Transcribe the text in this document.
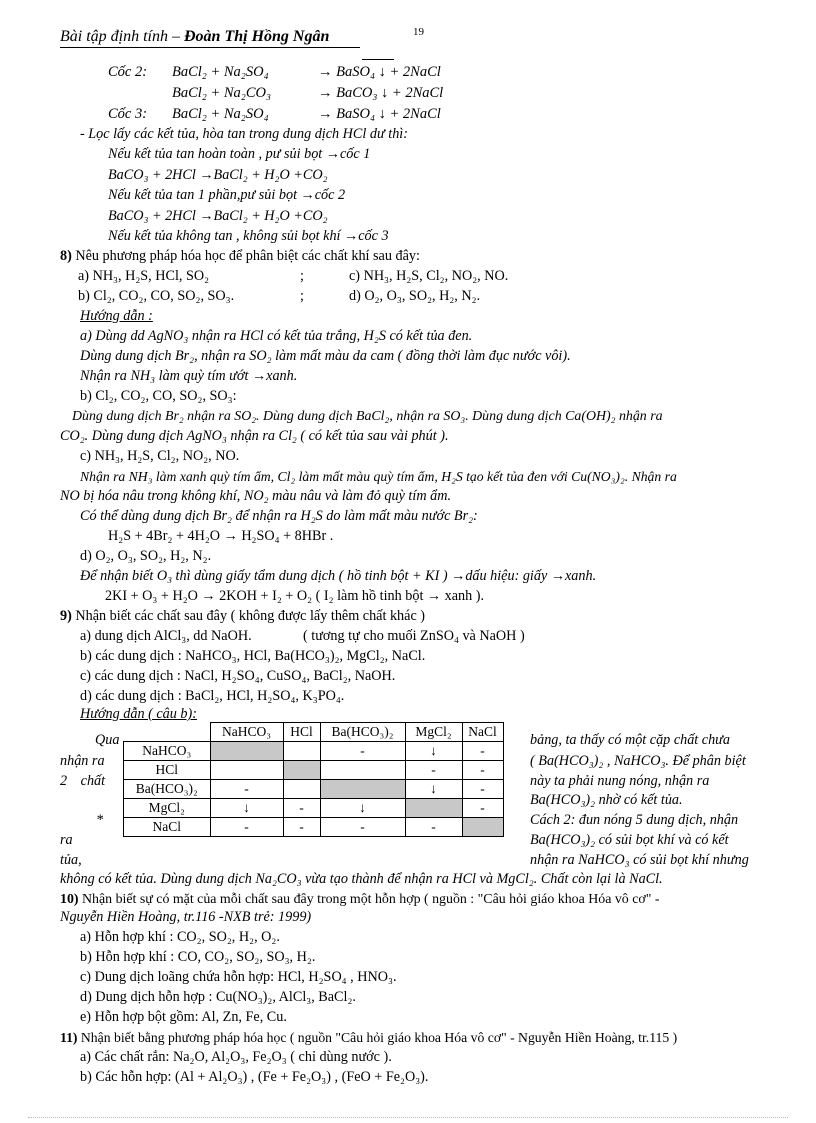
Bài tập định tính – Đoàn Thị Hồng Ngân	19
Cốc 2: BaCl₂ + Na₂SO₄	→ BaSO₄ ↓ + 2NaCl
BaCl₂ + Na₂CO₃	→ BaCO₃ ↓ + 2NaCl
Cốc 3: BaCl₂ + Na₂SO₄	→ BaSO₄ ↓ + 2NaCl
- Lọc lấy các kết tủa, hòa tan trong dung dịch HCl dư thì:
Nếu kết tủa tan hoàn toàn , pư sủi bọt →cốc 1
BaCO₃ + 2HCl →BaCl₂ + H₂O +CO₂
Nếu kết tủa tan 1 phần,pư sủi bọt →cốc 2
BaCO₃ + 2HCl →BaCl₂ + H₂O +CO₂
Nếu kết tủa không tan , không sủi bọt khí →cốc 3
8) Nêu phương pháp hóa học để phân biệt các chất khí sau đây:
a) NH₃, H₂S, HCl, SO₂	;	c) NH₃, H₂S, Cl₂, NO₂, NO.
b) Cl₂, CO₂, CO, SO₂, SO₃.	;	d) O₂, O₃, SO₂, H₂, N₂.
Hướng dẫn :
a) Dùng dd AgNO₃ nhận ra HCl có kết tủa trắng, H₂S có kết tủa đen.
Dùng dung dịch Br₂, nhận ra SO₂ làm mất màu da cam ( đồng thời làm đục nước vôi).
Nhận ra NH₃ làm quỳ tím ướt →xanh.
b) Cl₂, CO₂, CO, SO₂, SO₃:
Dùng dung dịch Br₂ nhận ra SO₂. Dùng dung dịch BaCl₂, nhận ra SO₃. Dùng dung dịch Ca(OH)₂ nhận ra
CO₂. Dùng dung dịch AgNO₃ nhận ra Cl₂ ( có kết tủa sau vài phút ).
c) NH₃, H₂S, Cl₂, NO₂, NO.
Nhận ra NH₃ làm xanh quỳ tím ẩm, Cl₂ làm mất màu quỳ tím ẩm, H₂S tạo kết tủa đen với Cu(NO₃)₂. Nhận ra
NO bị hóa nâu trong không khí, NO₂ màu nâu và làm đỏ quỳ tím ẩm.
Có thể dùng dung dịch Br₂ để nhận ra H₂S do làm mất màu nước Br₂:
H₂S + 4Br₂ + 4H₂O → H₂SO₄ + 8HBr .
d) O₂, O₃, SO₂, H₂, N₂.
Để nhận biết O₃ thì dùng giấy tẩm dung dịch ( hồ tinh bột + KI ) →dấu hiệu: giấy →xanh.
2KI + O₃ + H₂O → 2KOH + I₂ + O₂ ( I₂ làm hồ tinh bột → xanh ).
9) Nhận biết các chất sau đây ( không được lấy thêm chất khác )
a) dung dịch AlCl₃, dd NaOH.	( tương tự cho muối ZnSO₄ và NaOH )
b) các dung dịch : NaHCO₃, HCl, Ba(HCO₃)₂, MgCl₂, NaCl.
c) các dung dịch : NaCl, H₂SO₄, CuSO₄, BaCl₂, NaOH.
d) các dung dịch : BaCl₂, HCl, H₂SO₄, K₃PO₄.
Hướng dẫn ( câu b):
Qua
nhận ra
2 chất
*
ra
tủa,
	NaHCO₃	HCl	Ba(HCO₃)₂	MgCl₂	NaCl
NaHCO₃			-	↓	-
HCl				-	-
Ba(HCO₃)₂	-			↓	-
MgCl₂	↓	-	↓		-
NaCl	-	-	-	-	
bảng, ta thấy có một cặp chất chưa
( Ba(HCO₃)₂ , NaHCO₃. Để phân biệt
này ta phải nung nóng, nhận ra
Ba(HCO₃)₂ nhờ có kết tủa.
Cách 2: đun nóng 5 dung dịch, nhận
Ba(HCO₃)₂ có sủi bọt khí và có kết
nhận ra NaHCO₃ có sủi bọt khí nhưng
không có kết tủa. Dùng dung dịch Na₂CO₃ vừa tạo thành để nhận ra HCl và MgCl₂. Chất còn lại là NaCl.
10) Nhận biết sự có mặt của mỗi chất sau đây trong một hỗn hợp ( nguồn : "Câu hỏi giáo khoa Hóa vô cơ" -
Nguyễn Hiền Hoàng, tr.116 -NXB trẻ: 1999)
a) Hỗn hợp khí : CO₂, SO₂, H₂, O₂.
b) Hỗn hợp khí : CO, CO₂, SO₂, SO₃, H₂.
c) Dung dịch loãng chứa hỗn hợp: HCl, H₂SO₄ , HNO₃.
d) Dung dịch hỗn hợp : Cu(NO₃)₂, AlCl₃, BaCl₂.
e) Hỗn hợp bột gồm: Al, Zn, Fe, Cu.
11) Nhận biết bằng phương pháp hóa học ( nguồn "Câu hỏi giáo khoa Hóa vô cơ" - Nguyễn Hiền Hoàng, tr.115 )
a) Các chất rắn: Na₂O, Al₂O₃, Fe₂O₃ ( chỉ dùng nước ).
b) Các hỗn hợp: (Al + Al₂O₃) , (Fe + Fe₂O₃) , (FeO + Fe₂O₃).
